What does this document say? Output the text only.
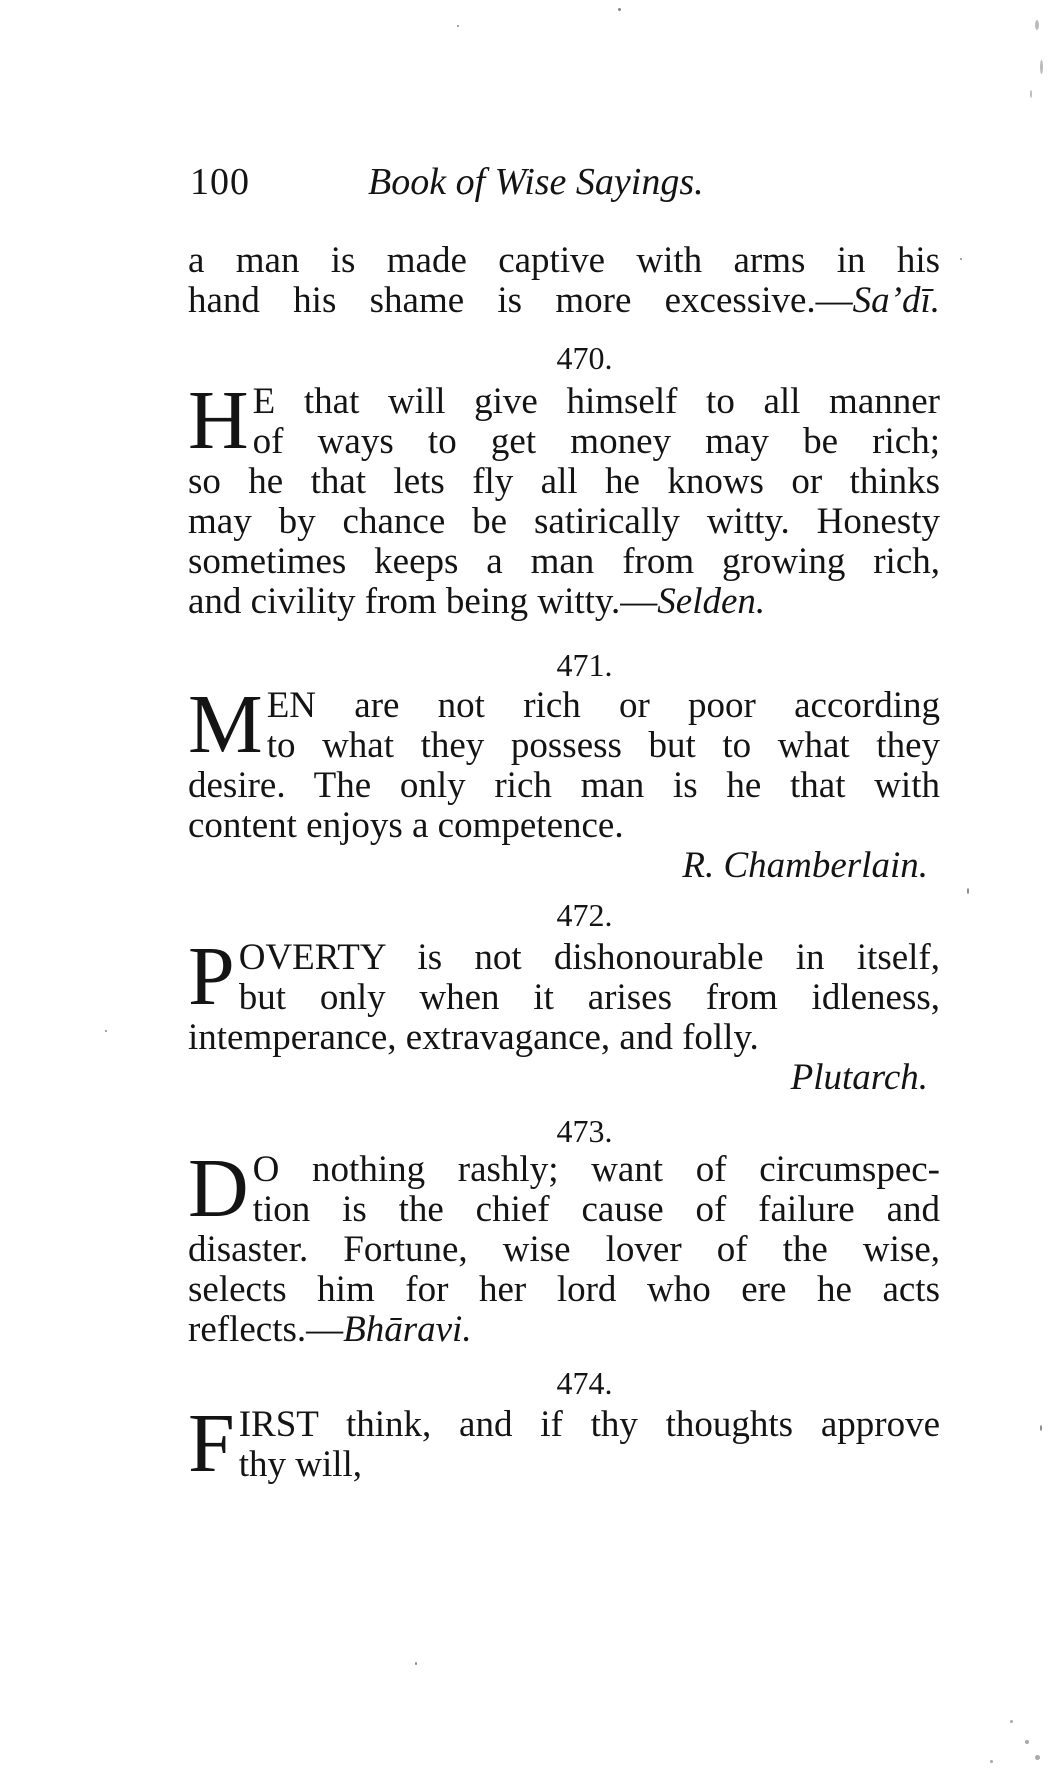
100	Book of Wise Sayings.
a man is made captive with arms in his
hand his shame is more excessive.—Sa’dī.
470.
H E that will give himself to all manner
of ways to get money may be rich;
so he that lets fly all he knows or thinks
may by chance be satirically witty. Honesty
sometimes keeps a man from growing rich,
and civility from being witty.—Selden.
471.
M EN are not rich or poor according
to what they possess but to what they
desire. The only rich man is he that with
content enjoys a competence.
R. Chamberlain.
472.
P OVERTY is not dishonourable in itself,
but only when it arises from idleness,
intemperance, extravagance, and folly.
Plutarch.
473.
D O nothing rashly; want of circumspec-
tion is the chief cause of failure and
disaster. Fortune, wise lover of the wise,
selects him for her lord who ere he acts
reflects.—Bhāravi.
474.
F IRST think, and if thy thoughts approve
thy will,
